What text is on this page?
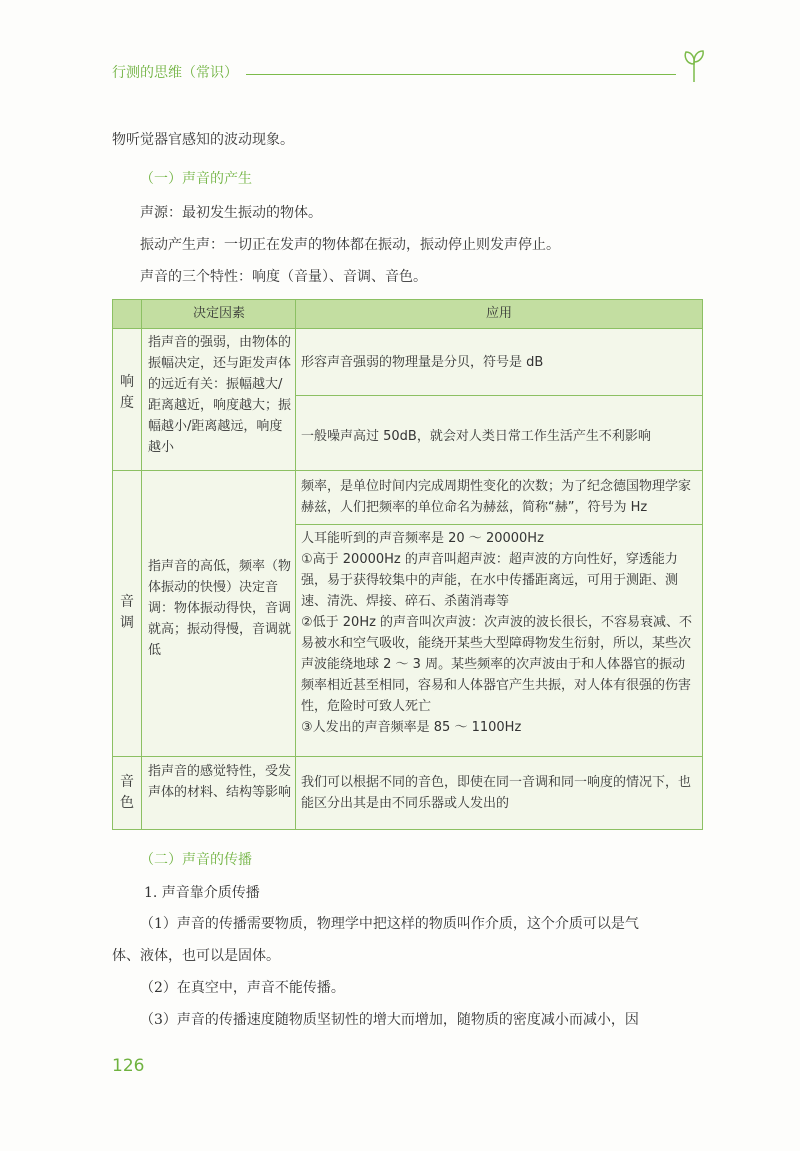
行测的思维（常识）
物听觉器官感知的波动现象。
（一）声音的产生
声源：最初发生振动的物体。
振动产生声：一切正在发声的物体都在振动，振动停止则发声停止。
声音的三个特性：响度（音量）、音调、音色。
决定因素	应用
响度
指声音的强弱，由物体的振幅决定，还与距发声体的远近有关：振幅越大/距离越近，响度越大；振幅越小/距离越远，响度越小
形容声音强弱的物理量是分贝，符号是 dB
一般噪声高过 50dB，就会对人类日常工作生活产生不利影响
音调
指声音的高低，频率（物体振动的快慢）决定音调：物体振动得快，音调就高；振动得慢，音调就低
频率，是单位时间内完成周期性变化的次数；为了纪念德国物理学家赫兹，人们把频率的单位命名为赫兹，简称“赫”，符号为 Hz
人耳能听到的声音频率是 20 ～ 20000Hz
①高于 20000Hz 的声音叫超声波：超声波的方向性好，穿透能力强，易于获得较集中的声能，在水中传播距离远，可用于测距、测速、清洗、焊接、碎石、杀菌消毒等
②低于 20Hz 的声音叫次声波：次声波的波长很长，不容易衰减、不易被水和空气吸收，能绕开某些大型障碍物发生衍射，所以，某些次声波能绕地球 2 ～ 3 周。某些频率的次声波由于和人体器官的振动频率相近甚至相同，容易和人体器官产生共振，对人体有很强的伤害性，危险时可致人死亡
③人发出的声音频率是 85 ～ 1100Hz
音色
指声音的感觉特性，受发声体的材料、结构等影响
我们可以根据不同的音色，即使在同一音调和同一响度的情况下，也能区分出其是由不同乐器或人发出的
（二）声音的传播
1. 声音靠介质传播
（1）声音的传播需要物质，物理学中把这样的物质叫作介质，这个介质可以是气
体、液体，也可以是固体。
（2）在真空中，声音不能传播。
（3）声音的传播速度随物质坚韧性的增大而增加，随物质的密度减小而减小，因
126
